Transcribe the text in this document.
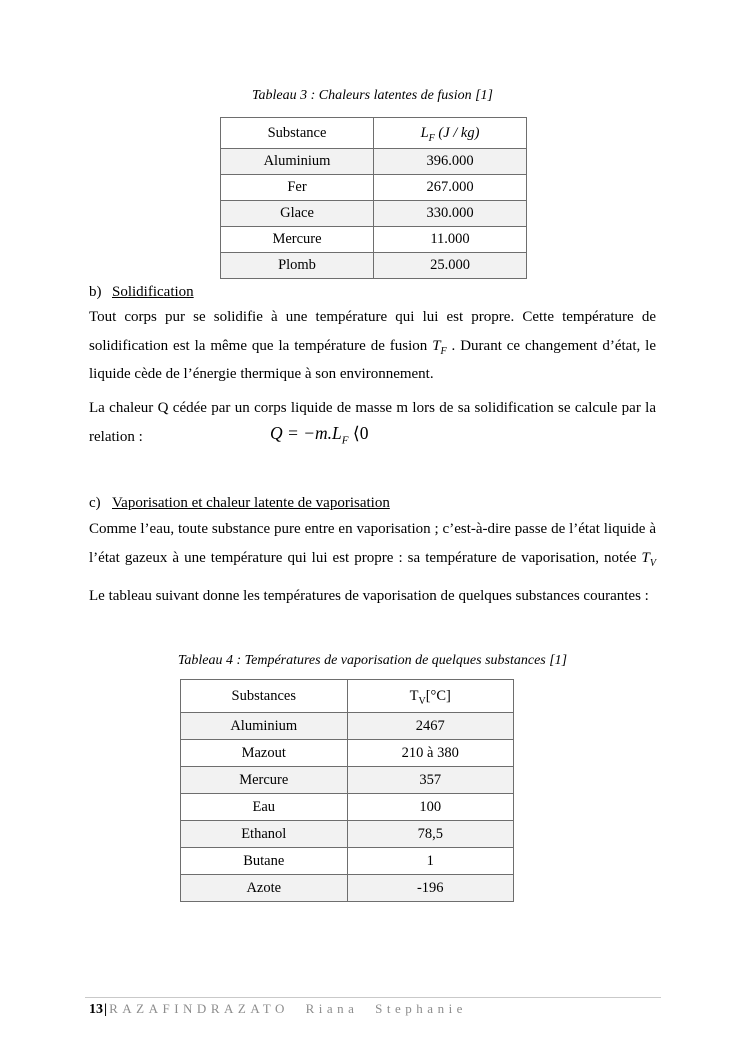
Tableau 3 : Chaleurs latentes de fusion [1]
Substance	$L_F$ (J / kg)
Aluminium	396.000
Fer	267.000
Glace	330.000
Mercure	11.000
Plomb	25.000
b) Solidification
Tout corps pur se solidifie à une température qui lui est propre. Cette température de
solidification est la même que la température de fusion $T_F$ . Durant ce changement d’état, le
liquide cède de l’énergie thermique à son environnement.
La chaleur Q cédée par un corps liquide de masse m lors de sa solidification se calcule par la
relation :	$Q = -m.L_F$ ⟨0
c) Vaporisation et chaleur latente de vaporisation
Comme l’eau, toute substance pure entre en vaporisation ; c’est-à-dire passe de l’état liquide à
l’état gazeux à une température qui lui est propre : sa température de vaporisation, notée $T_V$
Le tableau suivant donne les températures de vaporisation de quelques substances courantes :
Tableau 4 : Températures de vaporisation de quelques substances [1]
Substances	$T_V[^\circ C]$
Aluminium	2467
Mazout	210 à 380
Mercure	357
Eau	100
Ethanol	78,5
Butane	1
Azote	-196
13| RAZAFINDRAZATO Riana Stephanie
